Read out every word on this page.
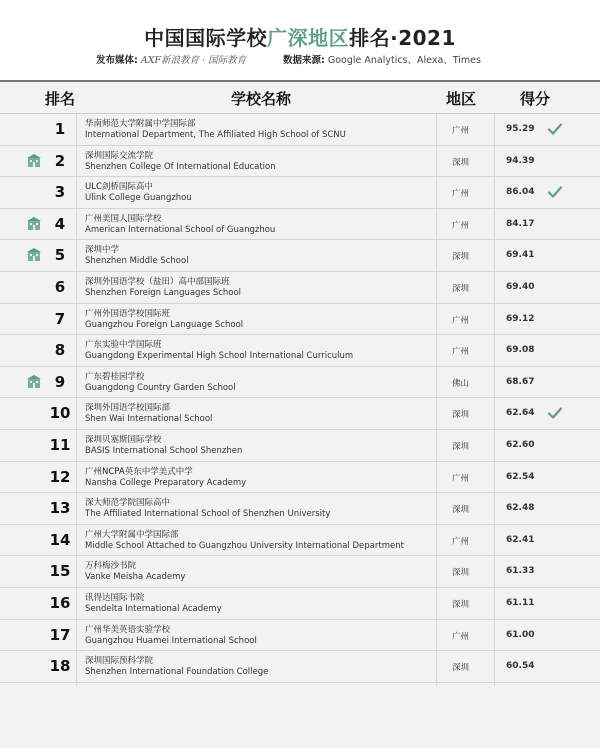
中国国际学校广深地区排名·2021
发布媒体: AXF新浪教育 · 国际教育	数据来源: Google Analytics、Alexa、Times
排名	学校名称	地区	得分
1	华南师范大学附属中学国际部
International Department, The Affiliated High School of SCNU	广州	95.29
2	深圳国际交流学院
Shenzhen College Of International Education	深圳	94.39
3	ULC剑桥国际高中
Ulink College Guangzhou	广州	86.04
4	广州美国人国际学校
American International School of Guangzhou	广州	84.17
5	深圳中学
Shenzhen Middle School	深圳	69.41
6	深圳外国语学校（盐田）高中部国际班
Shenzhen Foreign Languages School	深圳	69.40
7	广州外国语学校国际班
Guangzhou Foreign Language School	广州	69.12
8	广东实验中学国际班
Guangdong Experimental High School International Curriculum	广州	69.08
9	广东碧桂园学校
Guangdong Country Garden School	佛山	68.67
10 深圳外国语学校国际部
Shen Wai International School	深圳	62.64
11 深圳贝塞斯国际学校
BASIS International School Shenzhen	深圳	62.60
12 广州NCPA英东中学美式中学
Nansha College Preparatory Academy	广州	62.54
13 深大师范学院国际高中
The Affiliated International School of Shenzhen University	深圳	62.48
14 广州大学附属中学国际部
Middle School Attached to Guangzhou University International Department	广州	62.41
15 万科梅沙书院
Vanke Meisha Academy	深圳	61.33
16 讯得达国际书院
Sendelta International Academy	深圳	61.11
17 广州华美英语实验学校
Guangzhou Huamei International School	广州	61.00
18 深圳国际预科学院
Shenzhen International Foundation College	深圳	60.54
